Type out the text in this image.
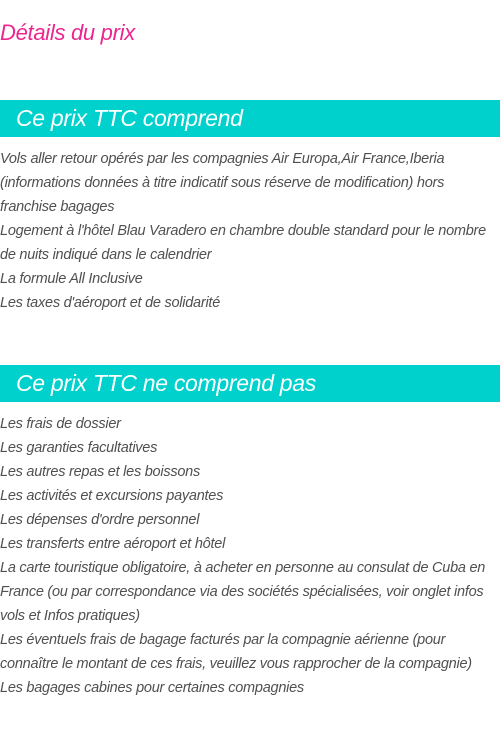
Détails du prix
Ce prix TTC comprend
Vols aller retour opérés par les compagnies Air Europa,Air France,Iberia (informations données à titre indicatif sous réserve de modification) hors franchise bagages
Logement à l'hôtel Blau Varadero en chambre double standard pour le nombre de nuits indiqué dans le calendrier
La formule All Inclusive
Les taxes d'aéroport et de solidarité
Ce prix TTC ne comprend pas
Les frais de dossier
Les garanties facultatives
Les autres repas et les boissons
Les activités et excursions payantes
Les dépenses d'ordre personnel
Les transferts entre aéroport et hôtel
La carte touristique obligatoire, à acheter en personne au consulat de Cuba en France (ou par correspondance via des sociétés spécialisées, voir onglet infos vols et Infos pratiques)
Les éventuels frais de bagage facturés par la compagnie aérienne (pour connaître le montant de ces frais, veuillez vous rapprocher de la compagnie)
Les bagages cabines pour certaines compagnies
